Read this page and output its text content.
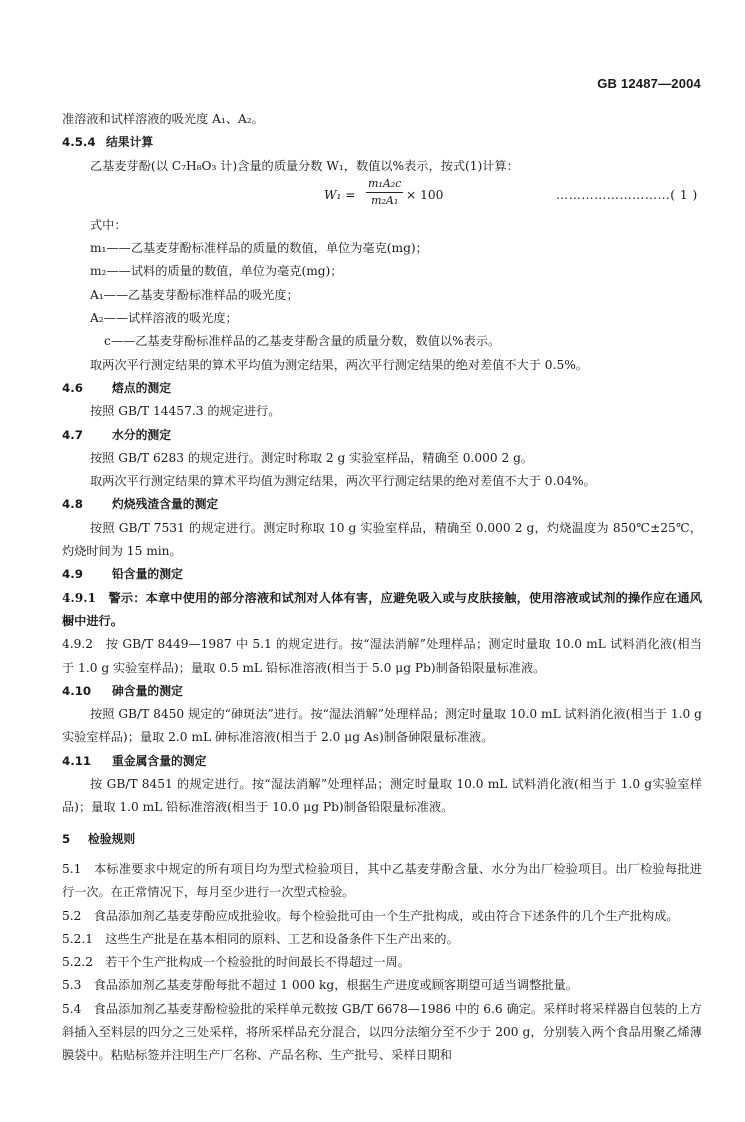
GB 12487—2004
准溶液和试样溶液的吸光度 A₁、A₂。
4.5.4 结果计算
乙基麦芽酚(以 C₇H₈O₃ 计)含量的质量分数 W₁，数值以%表示，按式(1)计算：
$W_1 = \frac{\text{m₁A₂c}}{\text{m₂A₁}} \times 100$	………………………( 1 )
式中：
m₁——乙基麦芽酚标准样品的质量的数值，单位为毫克(mg)；
m₂——试料的质量的数值，单位为毫克(mg)；
A₁——乙基麦芽酚标准样品的吸光度；
A₂——试样溶液的吸光度；
c——乙基麦芽酚标准样品的乙基麦芽酚含量的质量分数，数值以%表示。
取两次平行测定结果的算术平均值为测定结果，两次平行测定结果的绝对差值不大于 0.5%。
4.6 熔点的测定
按照 GB/T 14457.3 的规定进行。
4.7 水分的测定
按照 GB/T 6283 的规定进行。测定时称取 2 g 实验室样品，精确至 0.000 2 g。
取两次平行测定结果的算术平均值为测定结果，两次平行测定结果的绝对差值不大于 0.04%。
4.8 灼烧残渣含量的测定
按照 GB/T 7531 的规定进行。测定时称取 10 g 实验室样品，精确至 0.000 2 g，灼烧温度为 850℃±25℃，灼烧时间为 15 min。
4.9 铅含量的测定
4.9.1　警示：本章中使用的部分溶液和试剂对人体有害，应避免吸入或与皮肤接触，使用溶液或试剂的操作应在通风橱中进行。
4.9.2　按 GB/T 8449—1987 中 5.1 的规定进行。按“湿法消解”处理样品；测定时量取 10.0 mL 试料消化液(相当于 1.0 g 实验室样品)；量取 0.5 mL 铅标准溶液(相当于 5.0 μg Pb)制备铅限量标准液。
4.10 砷含量的测定
按照 GB/T 8450 规定的“砷斑法”进行。按“湿法消解”处理样品；测定时量取 10.0 mL 试料消化液(相当于 1.0 g 实验室样品)；量取 2.0 mL 砷标准溶液(相当于 2.0 μg As)制备砷限量标准液。
4.11 重金属含量的测定
按 GB/T 8451 的规定进行。按“湿法消解”处理样品；测定时量取 10.0 mL 试料消化液(相当于 1.0 g实验室样品)；量取 1.0 mL 铅标准溶液(相当于 10.0 μg Pb)制备铅限量标准液。
5 检验规则
5.1　本标准要求中规定的所有项目均为型式检验项目，其中乙基麦芽酚含量、水分为出厂检验项目。出厂检验每批进行一次。在正常情况下，每月至少进行一次型式检验。
5.2　食品添加剂乙基麦芽酚应成批验收。每个检验批可由一个生产批构成，或由符合下述条件的几个生产批构成。
5.2.1　这些生产批是在基本相同的原料、工艺和设备条件下生产出来的。
5.2.2　若干个生产批构成一个检验批的时间最长不得超过一周。
5.3　食品添加剂乙基麦芽酚每批不超过 1 000 kg，根据生产进度或顾客期望可适当调整批量。
5.4　食品添加剂乙基麦芽酚检验批的采样单元数按 GB/T 6678—1986 中的 6.6 确定。采样时将采样器自包装的上方斜插入至料层的四分之三处采样，将所采样品充分混合，以四分法缩分至不少于 200 g，分别装入两个食品用聚乙烯薄膜袋中。粘贴标签并注明生产厂名称、产品名称、生产批号、采样日期和
